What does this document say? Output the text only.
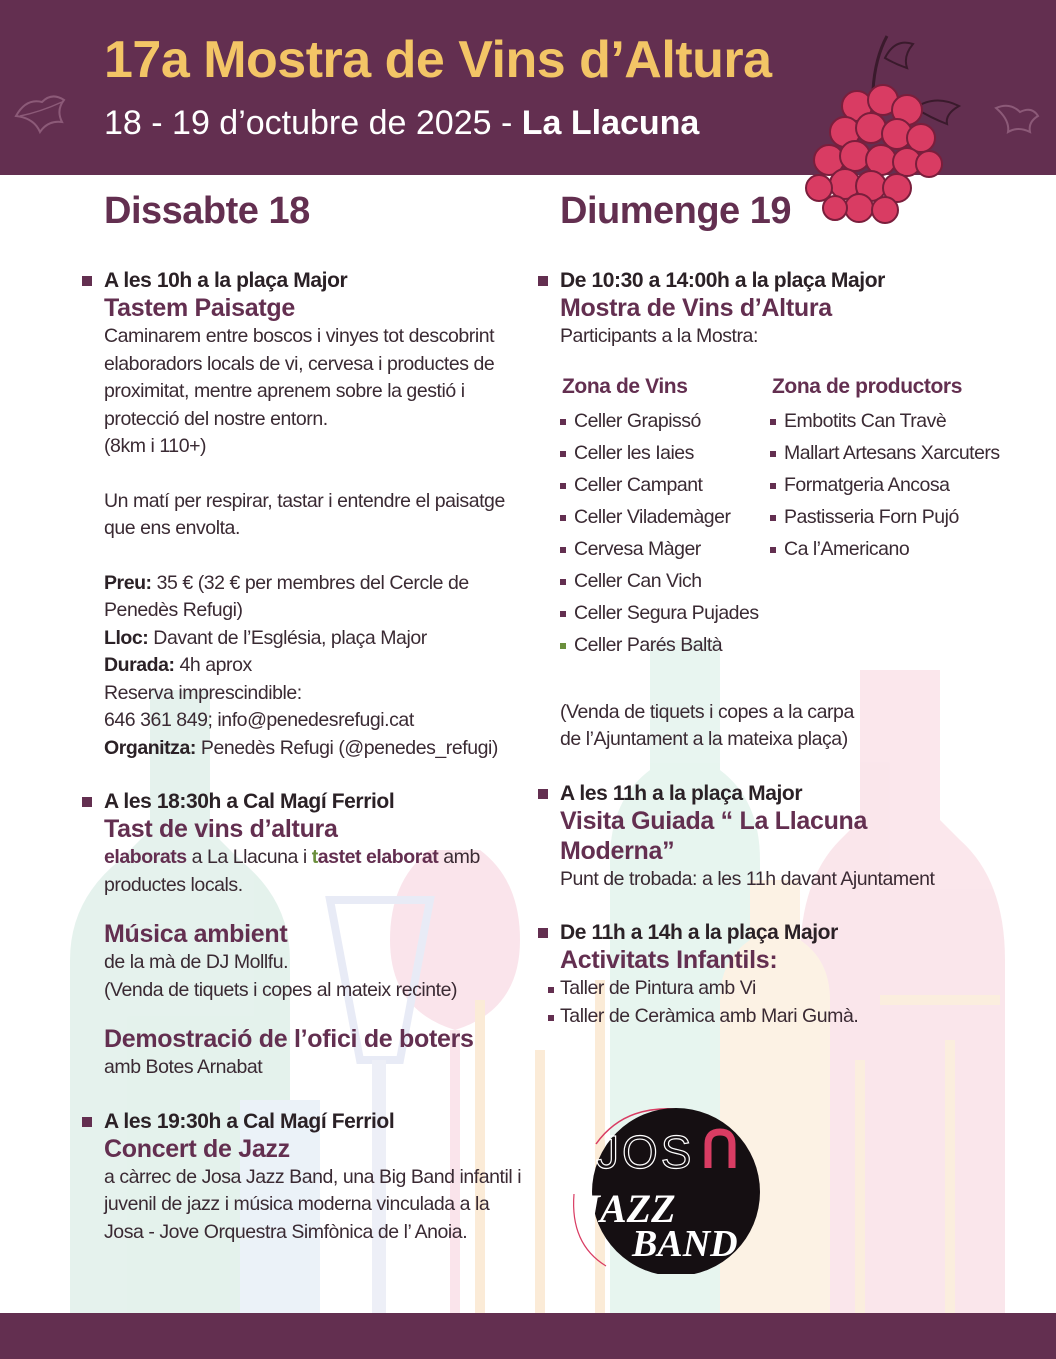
17a Mostra de Vins d’Altura
18 - 19 d’octubre de 2025 - La Llacuna
Dissabte 18
A les 10h a la plaça Major
Tastem Paisatge
Caminarem entre boscos i vinyes tot descobrint elaboradors locals de vi, cervesa i productes de proximitat, mentre aprenem sobre la gestió i protecció del nostre entorn.
(8km i 110+)
Un matí per respirar, tastar i entendre el paisatge que ens envolta.
Preu: 35 € (32 € per membres del Cercle de Penedès Refugi)
Lloc: Davant de l’Església, plaça Major
Durada: 4h aprox
Reserva imprescindible:
646 361 849; info@penedesrefugi.cat
Organitza: Penedès Refugi (@penedes_refugi)
A les 18:30h a Cal Magí Ferriol
Tast de vins d’altura
elaborats a La Llacuna i tastet elaborat amb productes locals.
Música ambient
de la mà de DJ Mollfu.
(Venda de tiquets i copes al mateix recinte)
Demostració de l’ofici de boters
amb Botes Arnabat
A les 19:30h a Cal Magí Ferriol
Concert de Jazz
a càrrec de Josa Jazz Band, una Big Band infantil i juvenil de jazz i música moderna vinculada a la Josa - Jove Orquestra Simfònica de l’ Anoia.
Diumenge 19
De 10:30 a 14:00h a la plaça Major
Mostra de Vins d’Altura
Participants a la Mostra:
Zona de Vins
Celler Grapissó
Celler les Iaies
Celler Campant
Celler Vilademàger
Cervesa Màger
Celler Can Vich
Celler Segura Pujades
Celler Parés Baltà
Zona de productors
Embotits Can Travè
Mallart Artesans Xarcuters
Formatgeria Ancosa
Pastisseria Forn Pujó
Ca l’Americano
(Venda de tiquets i copes a la carpa de l’Ajuntament a la mateixa plaça)
A les 11h a la plaça Major
Visita Guiada “ La Llacuna Moderna”
Punt de trobada: a les 11h davant Ajuntament
De 11h a 14h a la plaça Major
Activitats Infantils:
Taller de Pintura amb Vi
Taller de Ceràmica amb Mari Gumà.
JOS
JAZZ
BAND
